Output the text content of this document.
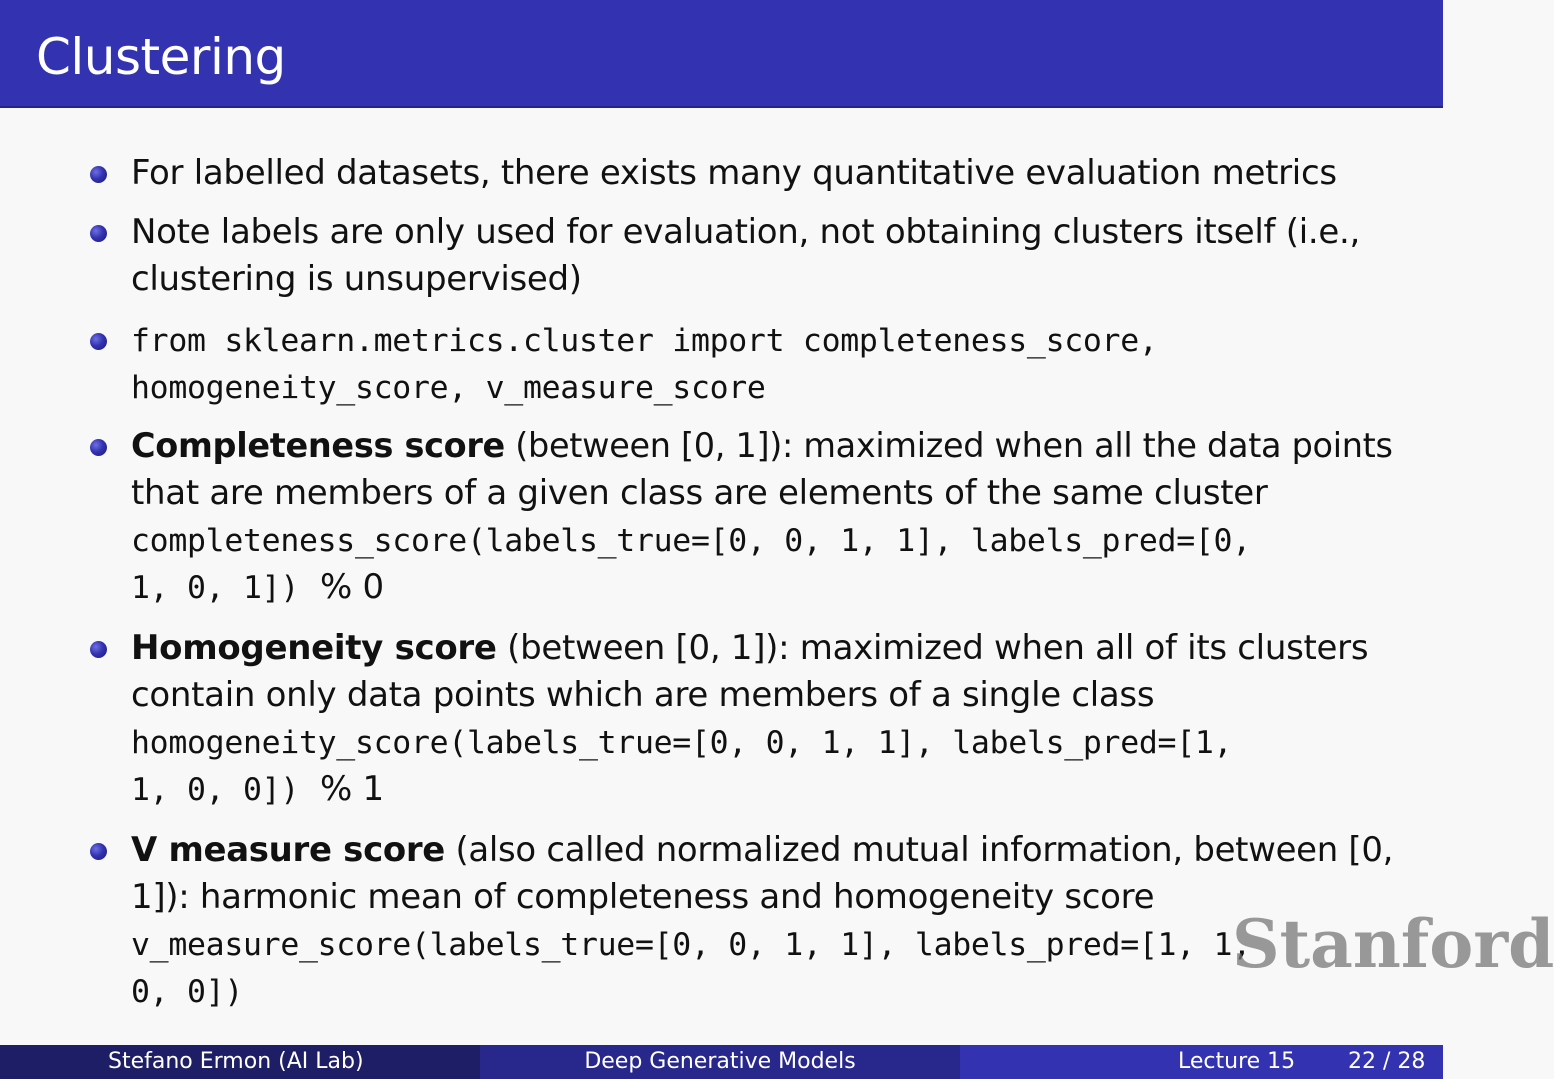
Clustering
For labelled datasets, there exists many quantitative evaluation metrics
Note labels are only used for evaluation, not obtaining clusters itself (i.e.,
clustering is unsupervised)
from sklearn.metrics.cluster import completeness_score,
homogeneity_score, v_measure_score
Completeness score (between [0, 1]): maximized when all the data points
that are members of a given class are elements of the same cluster
completeness_score(labels_true=[0, 0, 1, 1], labels_pred=[0,
1, 0, 1])  % 0
Homogeneity score (between [0, 1]): maximized when all of its clusters
contain only data points which are members of a single class
homogeneity_score(labels_true=[0, 0, 1, 1], labels_pred=[1,
1, 0, 0])  % 1
V measure score (also called normalized mutual information, between [0,
1]): harmonic mean of completeness and homogeneity score
v_measure_score(labels_true=[0, 0, 1, 1], labels_pred=[1, 1,
0, 0])
Stanford
Stefano Ermon (AI Lab)	Deep Generative Models	Lecture 15 22 / 28
